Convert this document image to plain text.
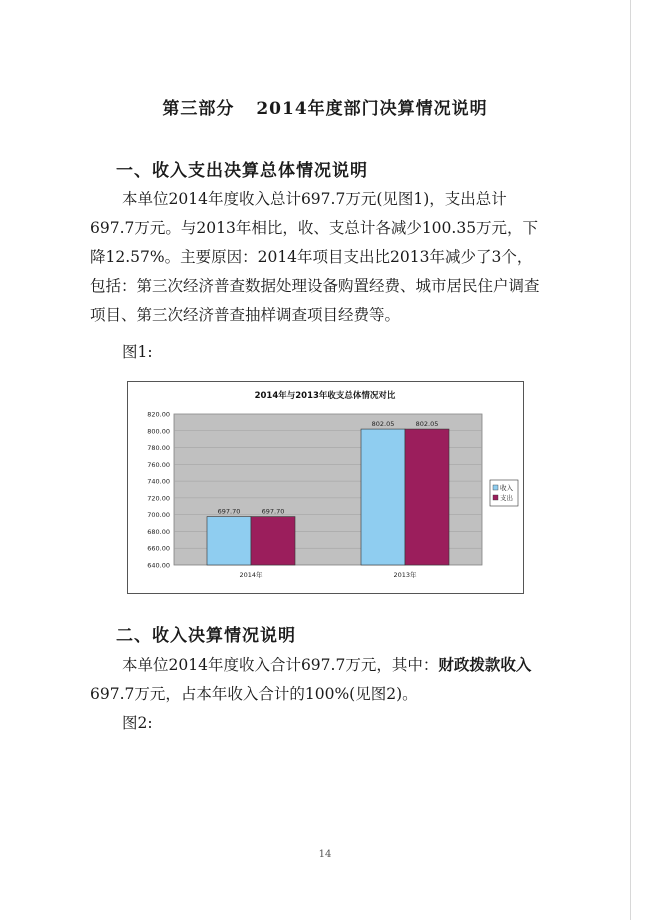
第三部分 2014年度部门决算情况说明
一、收入支出决算总体情况说明
本单位2014年度收入总计697.7万元(见图1)，支出总计697.7万元。与2013年相比，收、支总计各减少100.35万元，下降12.57%。主要原因：2014年项目支出比2013年减少了3个，包括：第三次经济普查数据处理设备购置经费、城市居民住户调查项目、第三次经济普查抽样调查项目经费等。
图1:
2014年与2013年收支总体情况对比
640.00
660.00
680.00
700.00
720.00
740.00
760.00
780.00
800.00
820.00
697.70	697.70
2014年
802.05	802.05
2013年
收入
支出
二、收入决算情况说明
本单位2014年度收入合计697.7万元，其中：财政拨款收入697.7万元，占本年收入合计的100%(见图2)。
图2:
14
